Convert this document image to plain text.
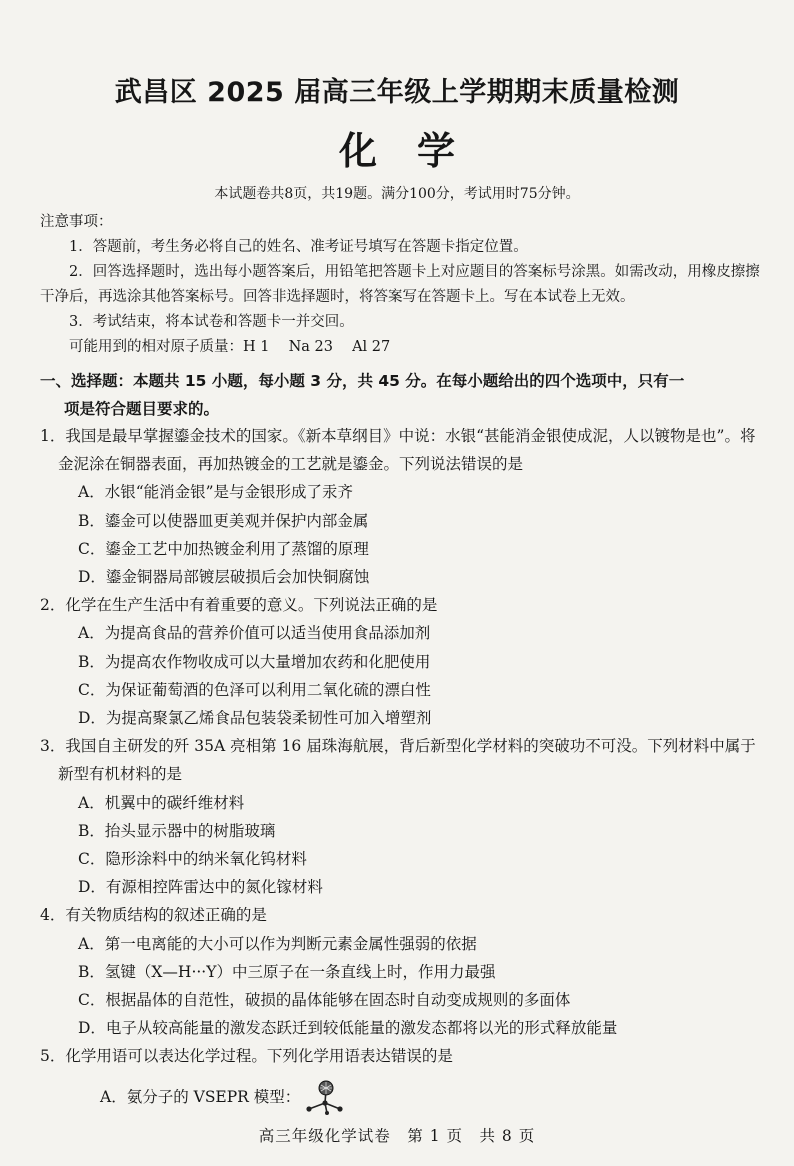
武昌区 2025 届高三年级上学期期末质量检测
化学
本试题卷共8页，共19题。满分100分，考试用时75分钟。

注意事项：

1．答题前，考生务必将自己的姓名、准考证号填写在答题卡指定位置。

2．回答选择题时，选出每小题答案后，用铅笔把答题卡上对应题目的答案标号涂黑。如需改动，用橡皮擦擦干净后，再选涂其他答案标号。回答非选择题时，将答案写在答题卡上。写在本试卷上无效。

3．考试结束，将本试卷和答题卡一并交回。

可能用到的相对原子质量：H 1　 Na 23　 Al 27

一、选择题：本题共 15 小题，每小题 3 分，共 45 分。在每小题给出的四个选项中，只有一
项是符合题目要求的。

1．我国是最早掌握鎏金技术的国家。《新本草纲目》中说：水银“甚能消金银使成泥，人以镀物是也”。将金泥涂在铜器表面，再加热镀金的工艺就是鎏金。下列说法错误的是

A．水银“能消金银”是与金银形成了汞齐

B．鎏金可以使器皿更美观并保护内部金属

C．鎏金工艺中加热镀金利用了蒸馏的原理

D．鎏金铜器局部镀层破损后会加快铜腐蚀

2．化学在生产生活中有着重要的意义。下列说法正确的是

A．为提高食品的营养价值可以适当使用食品添加剂

B．为提高农作物收成可以大量增加农药和化肥使用

C．为保证葡萄酒的色泽可以利用二氧化硫的漂白性

D．为提高聚氯乙烯食品包装袋柔韧性可加入增塑剂

3．我国自主研发的歼 35A 亮相第 16 届珠海航展，背后新型化学材料的突破功不可没。下列材料中属于新型有机材料的是

A．机翼中的碳纤维材料

B．抬头显示器中的树脂玻璃

C．隐形涂料中的纳米氧化钨材料

D．有源相控阵雷达中的氮化镓材料

4．有关物质结构的叙述正确的是

A．第一电离能的大小可以作为判断元素金属性强弱的依据

B．氢键（X—H···Y）中三原子在一条直线上时，作用力最强

C．根据晶体的自范性，破损的晶体能够在固态时自动变成规则的多面体

D．电子从较高能量的激发态跃迁到较低能量的激发态都将以光的形式释放能量

5．化学用语可以表达化学过程。下列化学用语表达错误的是

A．氨分子的 VSEPR 模型：
高三年级化学试卷　第 1 页　共 8 页
